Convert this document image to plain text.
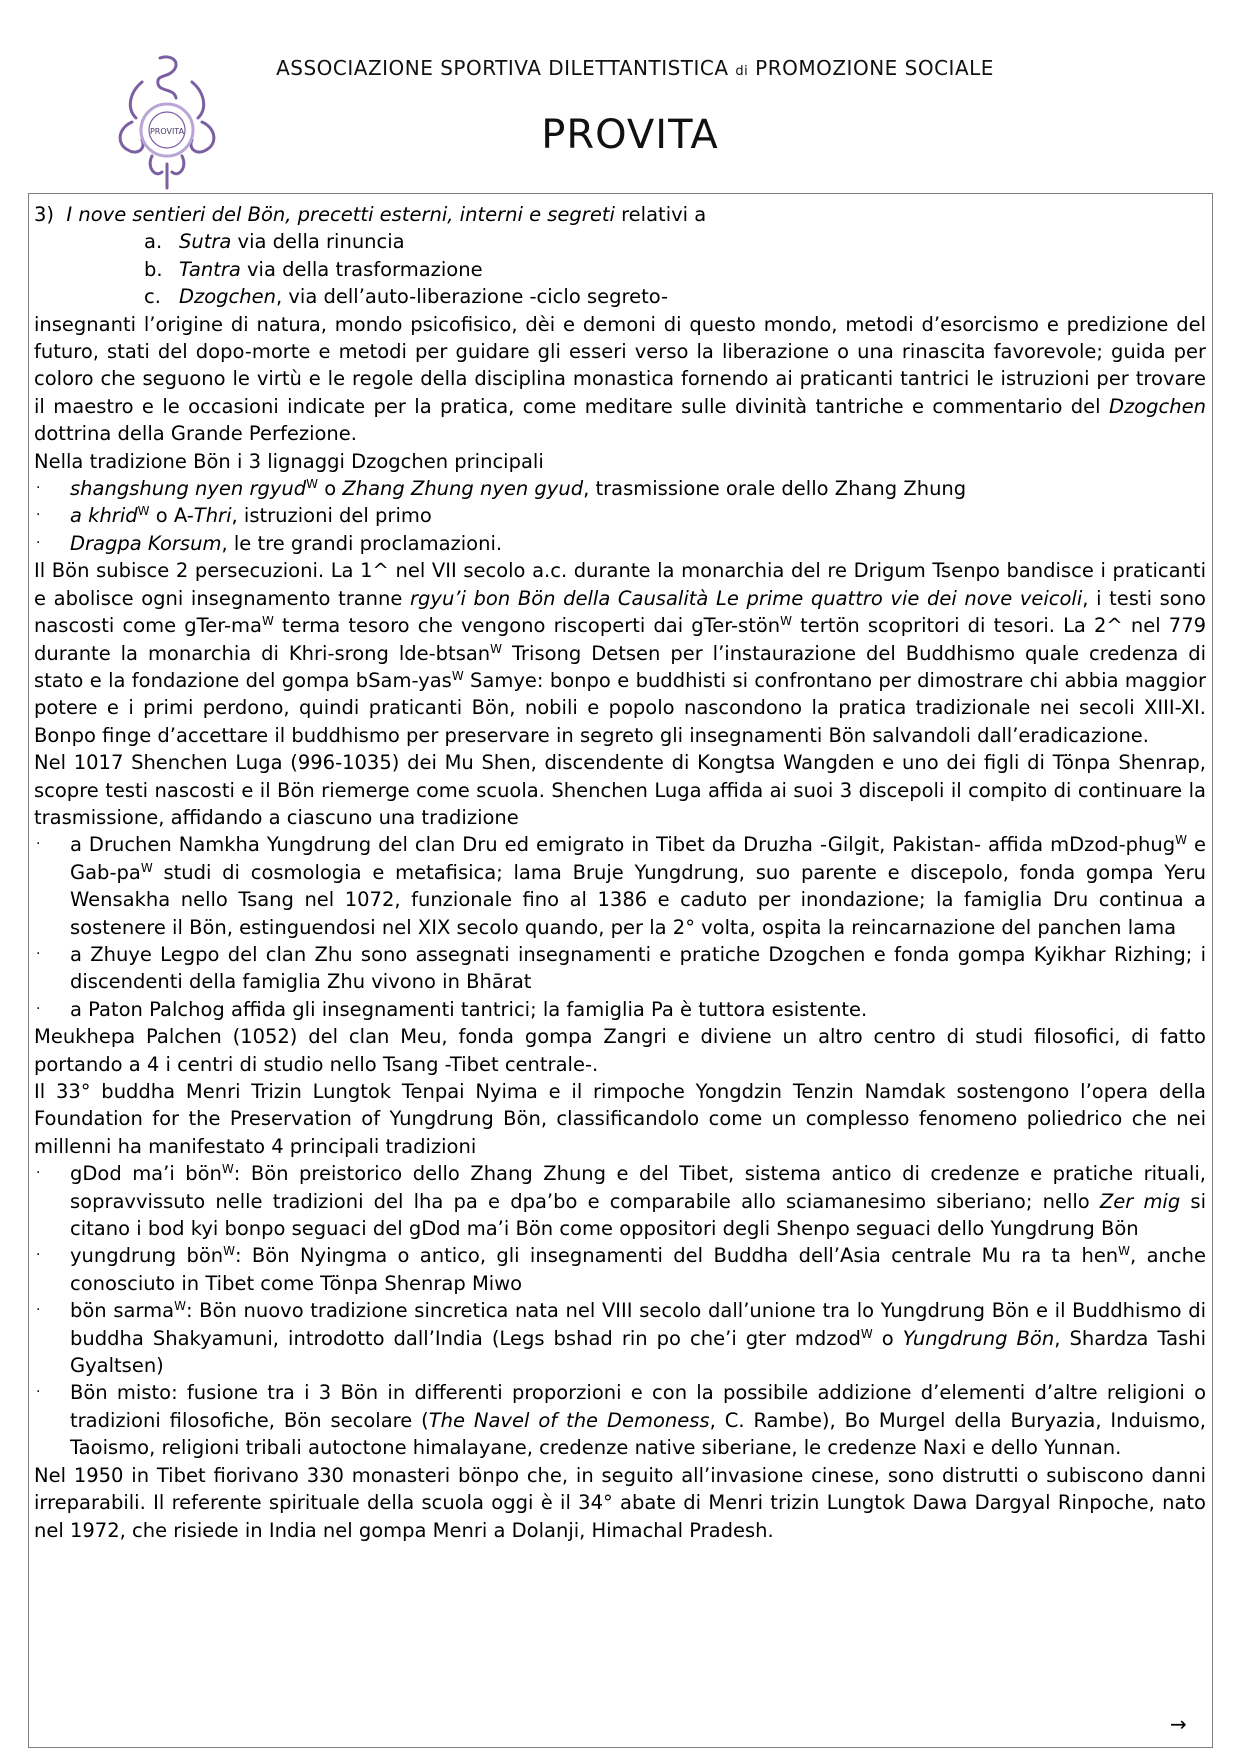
PROVITA
ASSOCIAZIONE SPORTIVA DILETTANTISTICA di PROMOZIONE SOCIALE
PROVITA

3) I nove sentieri del Bön, precetti esterni, interni e segreti relativi a

a. Sutra via della rinuncia

b. Tantra via della trasformazione

c. Dzogchen, via dell’auto-liberazione -ciclo segreto-

insegnanti l’origine di natura, mondo psicofisico, dèi e demoni di questo mondo, metodi d’esorcismo e predizione del futuro, stati del dopo-morte e metodi per guidare gli esseri verso la liberazione o una rinascita favorevole; guida per coloro che seguono le virtù e le regole della disciplina monastica fornendo ai praticanti tantrici le istruzioni per trovare il maestro e le occasioni indicate per la pratica, come meditare sulle divinità tantriche e commentario del Dzogchen dottrina della Grande Perfezione.

Nella tradizione Bön i 3 lignaggi Dzogchen principali

· shangshung nyen rgyud$^W$ o Zhang Zhung nyen gyud, trasmissione orale dello Zhang Zhung
· a khrid$^W$ o A-Thri, istruzioni del primo
· Dragpa Korsum, le tre grandi proclamazioni.

Il Bön subisce 2 persecuzioni. La 1^ nel VII secolo a.c. durante la monarchia del re Drigum Tsenpo bandisce i praticanti e abolisce ogni insegnamento tranne rgyu’i bon Bön della Causalità Le prime quattro vie dei nove veicoli, i testi sono nascosti come gTer-$ma^W$ terma tesoro che vengono riscoperti dai gTer-stön$^W$ tertön scopritori di tesori. La 2^ nel 779 durante la monarchia di Khri-srong lde-btsan$^W$ Trisong Detsen per l’instaurazione del Buddhismo quale credenza di stato e la fondazione del gompa bSam-yas$^W$ Samye: bonpo e buddhisti si confrontano per dimostrare chi abbia maggior potere e i primi perdono, quindi praticanti Bön, nobili e popolo nascondono la pratica tradizionale nei secoli XIII-XI. Bonpo finge d’accettare il buddhismo per preservare in segreto gli insegnamenti Bön salvandoli dall’eradicazione.

Nel 1017 Shenchen Luga (996-1035) dei Mu Shen, discendente di Kongtsa Wangden e uno dei figli di Tönpa Shenrap, scopre testi nascosti e il Bön riemerge come scuola. Shenchen Luga affida ai suoi 3 discepoli il compito di continuare la trasmissione, affidando a ciascuno una tradizione

· a Druchen Namkha Yungdrung del clan Dru ed emigrato in Tibet da Druzha -Gilgit, Pakistan- affida mDzod-phug$^W$ e Gab-$pa^W$ studi di cosmologia e metafisica; lama Bruje Yungdrung, suo parente e discepolo, fonda gompa Yeru Wensakha nello Tsang nel 1072, funzionale fino al 1386 e caduto per inondazione; la famiglia Dru continua a sostenere il Bön, estinguendosi nel XIX secolo quando, per la 2° volta, ospita la reincarnazione del panchen lama
· a Zhuye Legpo del clan Zhu sono assegnati insegnamenti e pratiche Dzogchen e fonda gompa Kyikhar Rizhing; i discendenti della famiglia Zhu vivono in Bhārat
· a Paton Palchog affida gli insegnamenti tantrici; la famiglia Pa è tuttora esistente.

Meukhepa Palchen (1052) del clan Meu, fonda gompa Zangri e diviene un altro centro di studi filosofici, di fatto portando a 4 i centri di studio nello Tsang -Tibet centrale-.

Il 33° buddha Menri Trizin Lungtok Tenpai Nyima e il rimpoche Yongdzin Tenzin Namdak sostengono l’opera della Foundation for the Preservation of Yungdrung Bön, classificandolo come un complesso fenomeno poliedrico che nei millenni ha manifestato 4 principali tradizioni

· gDod ma’i bön$^W$: Bön preistorico dello Zhang Zhung e del Tibet, sistema antico di credenze e pratiche rituali, sopravvissuto nelle tradizioni del lha pa e dpa’bo e comparabile allo sciamanesimo siberiano; nello Zer mig si citano i bod kyi bonpo seguaci del gDod ma’i Bön come oppositori degli Shenpo seguaci dello Yungdrung Bön
· yungdrung bön$^W$: Bön Nyingma o antico, gli insegnamenti del Buddha dell’Asia centrale Mu ra ta hen$^W$, anche conosciuto in Tibet come Tönpa Shenrap Miwo
· bön sarma$^W$: Bön nuovo tradizione sincretica nata nel VIII secolo dall’unione tra lo Yungdrung Bön e il Buddhismo di buddha Shakyamuni, introdotto dall’India (Legs bshad rin po che’i gter mdzod$^W$ o Yungdrung Bön, Shardza Tashi Gyaltsen)
· Bön misto: fusione tra i 3 Bön in differenti proporzioni e con la possibile addizione d’elementi d’altre religioni o tradizioni filosofiche, Bön secolare (The Navel of the Demoness, C. Rambe), Bo Murgel della Buryazia, Induismo, Taoismo, religioni tribali autoctone himalayane, credenze native siberiane, le credenze Naxi e dello Yunnan.

Nel 1950 in Tibet fiorivano 330 monasteri bönpo che, in seguito all’invasione cinese, sono distrutti o subiscono danni irreparabili. Il referente spirituale della scuola oggi è il 34° abate di Menri trizin Lungtok Dawa Dargyal Rinpoche, nato nel 1972, che risiede in India nel gompa Menri a Dolanji, Himachal Pradesh.

→
